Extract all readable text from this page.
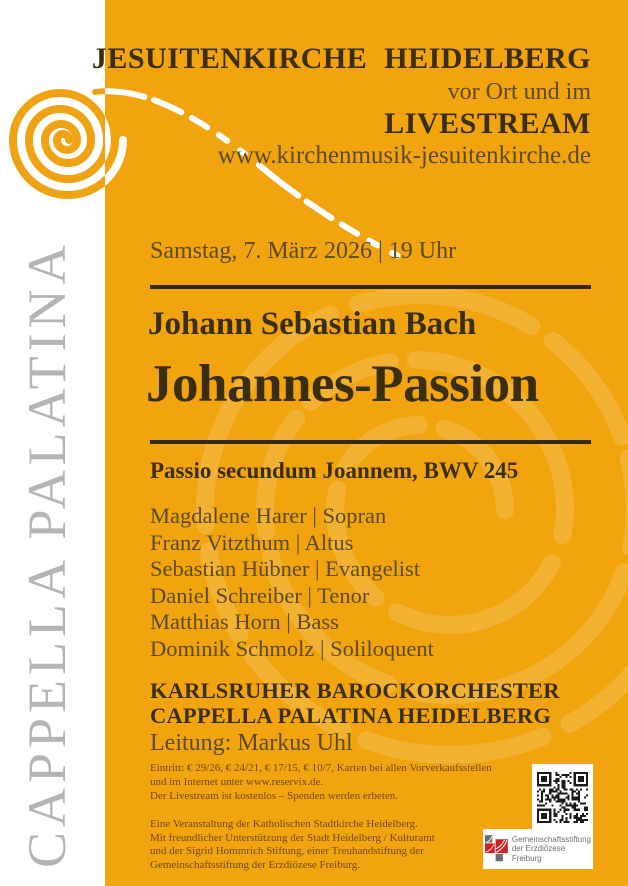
CAPPELLA PALATINA
JESUITENKIRCHE HEIDELBERG
vor Ort und im
LIVESTREAM
www.kirchenmusik-jesuitenkirche.de
Samstag, 7. März 2026 | 19 Uhr
Johann Sebastian Bach
Johannes-Passion
Passio secundum Joannem, BWV 245
Magdalene Harer | Sopran
Franz Vitzthum | Altus
Sebastian Hübner | Evangelist
Daniel Schreiber | Tenor
Matthias Horn | Bass
Dominik Schmolz | Soliloquent
KARLSRUHER BAROCKORCHESTER
CAPPELLA PALATINA HEIDELBERG
Leitung: Markus Uhl
Eintritt: € 29/26, € 24/21, € 17/15, € 10/7, Karten bei allen Vorverkaufsstellen
und im Internet unter www.reservix.de.
Der Livestream ist kostenlos – Spenden werden erbeten.
Eine Veranstaltung der Katholischen Stadtkirche Heidelberg.
Mit freundlicher Unterstützung der Stadt Heidelberg / Kulturamt
und der Sigrid Hommrich Stiftung, einer Treuhandstiftung der
Gemeinschaftsstiftung der Erzdiözese Freiburg.
Gemeinschaftsstiftung
der Erzdiözese Freiburg
